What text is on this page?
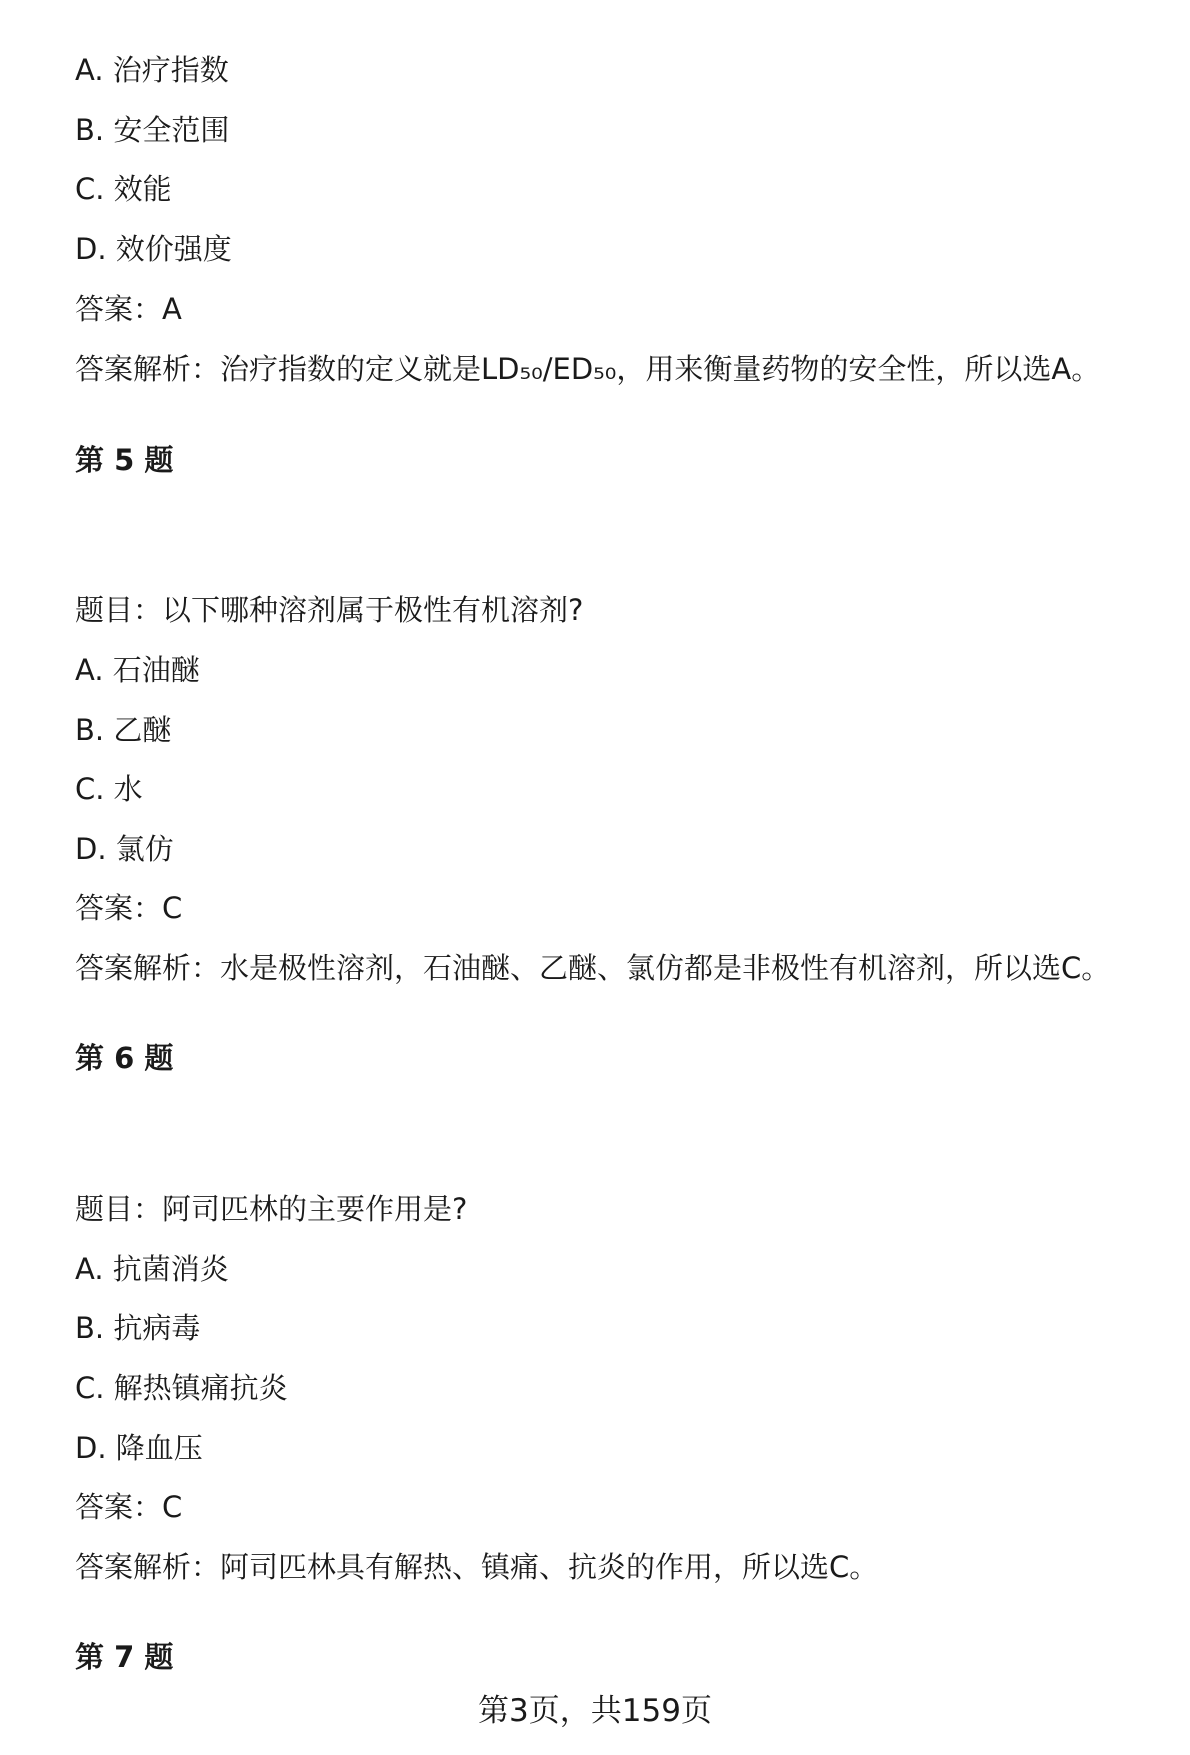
A. 治疗指数
B. 安全范围
C. 效能
D. 效价强度
答案：A
答案解析：治疗指数的定义就是LD₅₀/ED₅₀，用来衡量药物的安全性，所以选A。
第 5 题
题目：以下哪种溶剂属于极性有机溶剂?
A. 石油醚
B. 乙醚
C. 水
D. 氯仿
答案：C
答案解析：水是极性溶剂，石油醚、乙醚、氯仿都是非极性有机溶剂，所以选C。
第 6 题
题目：阿司匹林的主要作用是?
A. 抗菌消炎
B. 抗病毒
C. 解热镇痛抗炎
D. 降血压
答案：C
答案解析：阿司匹林具有解热、镇痛、抗炎的作用，所以选C。
第 7 题
第3页，共159页
